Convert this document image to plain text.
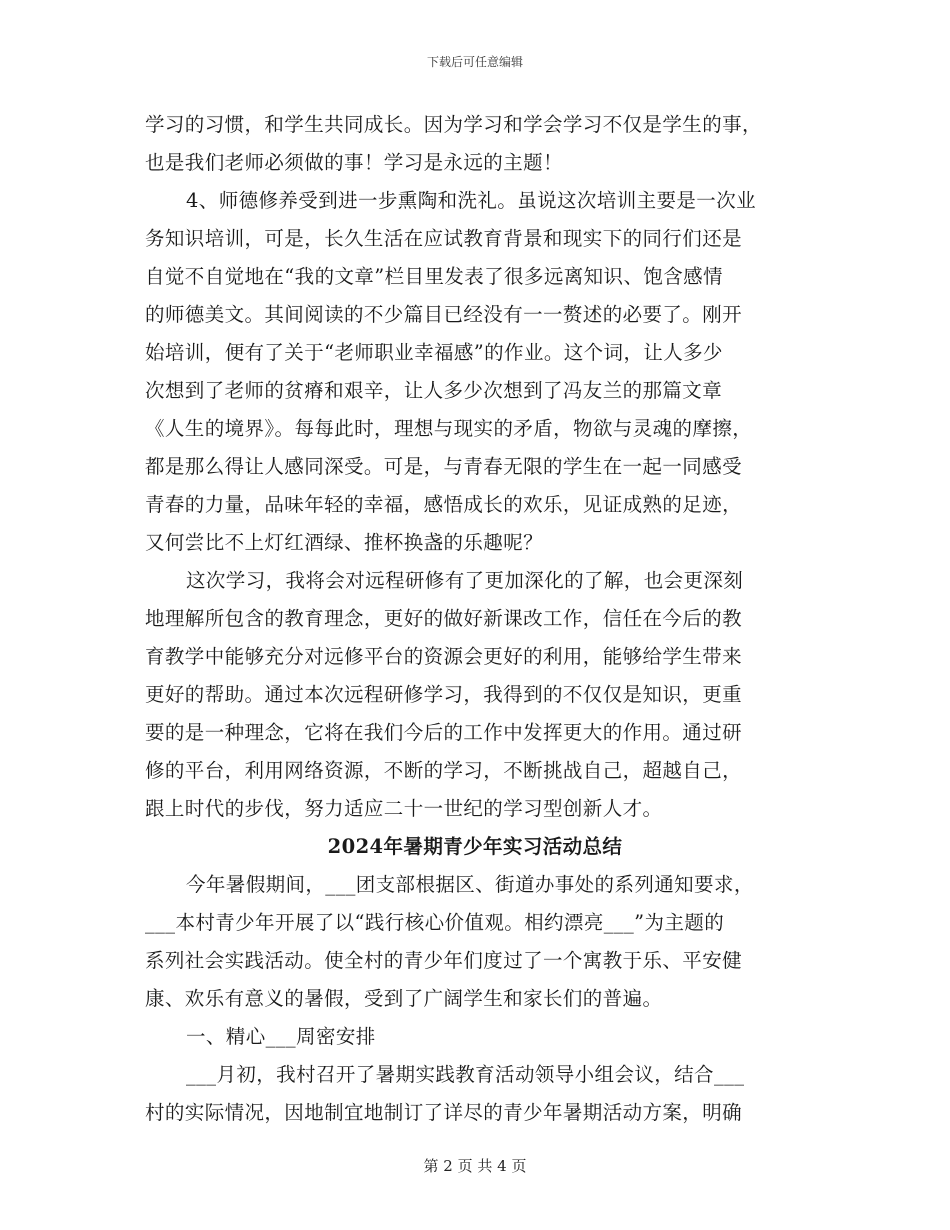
下载后可任意编辑
学习的习惯，和学生共同成长。因为学习和学会学习不仅是学生的事，
也是我们老师必须做的事！学习是永远的主题！
4、师德修养受到进一步熏陶和洗礼。虽说这次培训主要是一次业
务知识培训，可是，长久生活在应试教育背景和现实下的同行们还是
自觉不自觉地在“我的文章”栏目里发表了很多远离知识、饱含感情
的师德美文。其间阅读的不少篇目已经没有一一赘述的必要了。刚开
始培训，便有了关于“老师职业幸福感”的作业。这个词，让人多少
次想到了老师的贫瘠和艰辛，让人多少次想到了冯友兰的那篇文章
《人生的境界》。每每此时，理想与现实的矛盾，物欲与灵魂的摩擦，
都是那么得让人感同深受。可是，与青春无限的学生在一起一同感受
青春的力量，品味年轻的幸福，感悟成长的欢乐，见证成熟的足迹，
又何尝比不上灯红酒绿、推杯换盏的乐趣呢？
这次学习，我将会对远程研修有了更加深化的了解，也会更深刻
地理解所包含的教育理念，更好的做好新课改工作，信任在今后的教
育教学中能够充分对远修平台的资源会更好的利用，能够给学生带来
更好的帮助。通过本次远程研修学习，我得到的不仅仅是知识，更重
要的是一种理念，它将在我们今后的工作中发挥更大的作用。通过研
修的平台，利用网络资源，不断的学习，不断挑战自己，超越自己，
跟上时代的步伐，努力适应二十一世纪的学习型创新人才。
2024年暑期青少年实习活动总结
今年暑假期间，___团支部根据区、街道办事处的系列通知要求，
___本村青少年开展了以“践行核心价值观。相约漂亮___”为主题的
系列社会实践活动。使全村的青少年们度过了一个寓教于乐、平安健
康、欢乐有意义的暑假，受到了广阔学生和家长们的普遍。
一、精心___周密安排
___月初，我村召开了暑期实践教育活动领导小组会议，结合___
村的实际情况，因地制宜地制订了详尽的青少年暑期活动方案，明确
第 2 页 共 4 页
